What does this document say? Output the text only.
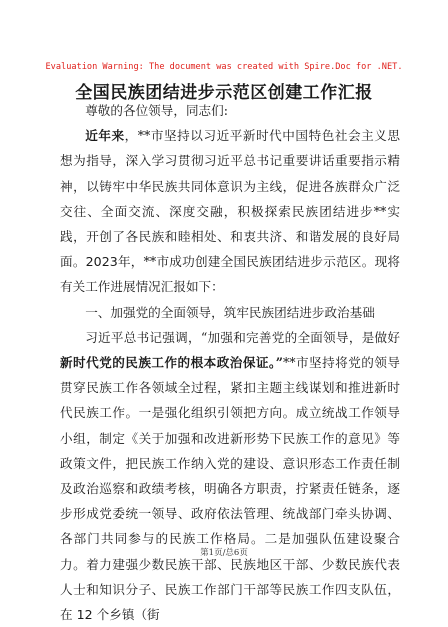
Evaluation Warning: The document was created with Spire.Doc for .NET.
全国民族团结进步示范区创建工作汇报

尊敬的各位领导，同志们:

近年来，**市坚持以习近平新时代中国特色社会主义思想为指导，深入学习贯彻习近平总书记重要讲话重要指示精神，以铸牢中华民族共同体意识为主线，促进各族群众广泛交往、全面交流、深度交融，积极探索民族团结进步**实践，开创了各民族和睦相处、和衷共济、和谐发展的良好局面。2023年，**市成功创建全国民族团结进步示范区。现将有关工作进展情况汇报如下：

一、加强党的全面领导，筑牢民族团结进步政治基础

习近平总书记强调，“加强和完善党的全面领导，是做好新时代党的民族工作的根本政治保证。”**市坚持将党的领导贯穿民族工作各领域全过程，紧扣主题主线谋划和推进新时代民族工作。一是强化组织引领把方向。成立统战工作领导小组，制定《关于加强和改进新形势下民族工作的意见》等政策文件，把民族工作纳入党的建设、意识形态工作责任制及政治巡察和政绩考核，明确各方职责，拧紧责任链条，逐步形成党委统一领导、政府依法管理、统战部门牵头协调、各部门共同参与的民族工作格局。二是加强队伍建设聚合力。着力建强少数民族干部、民族地区干部、少数民族代表人士和知识分子、民族工作部门干部等民族工作四支队伍，在 12 个乡镇（街

第1页/总6页
